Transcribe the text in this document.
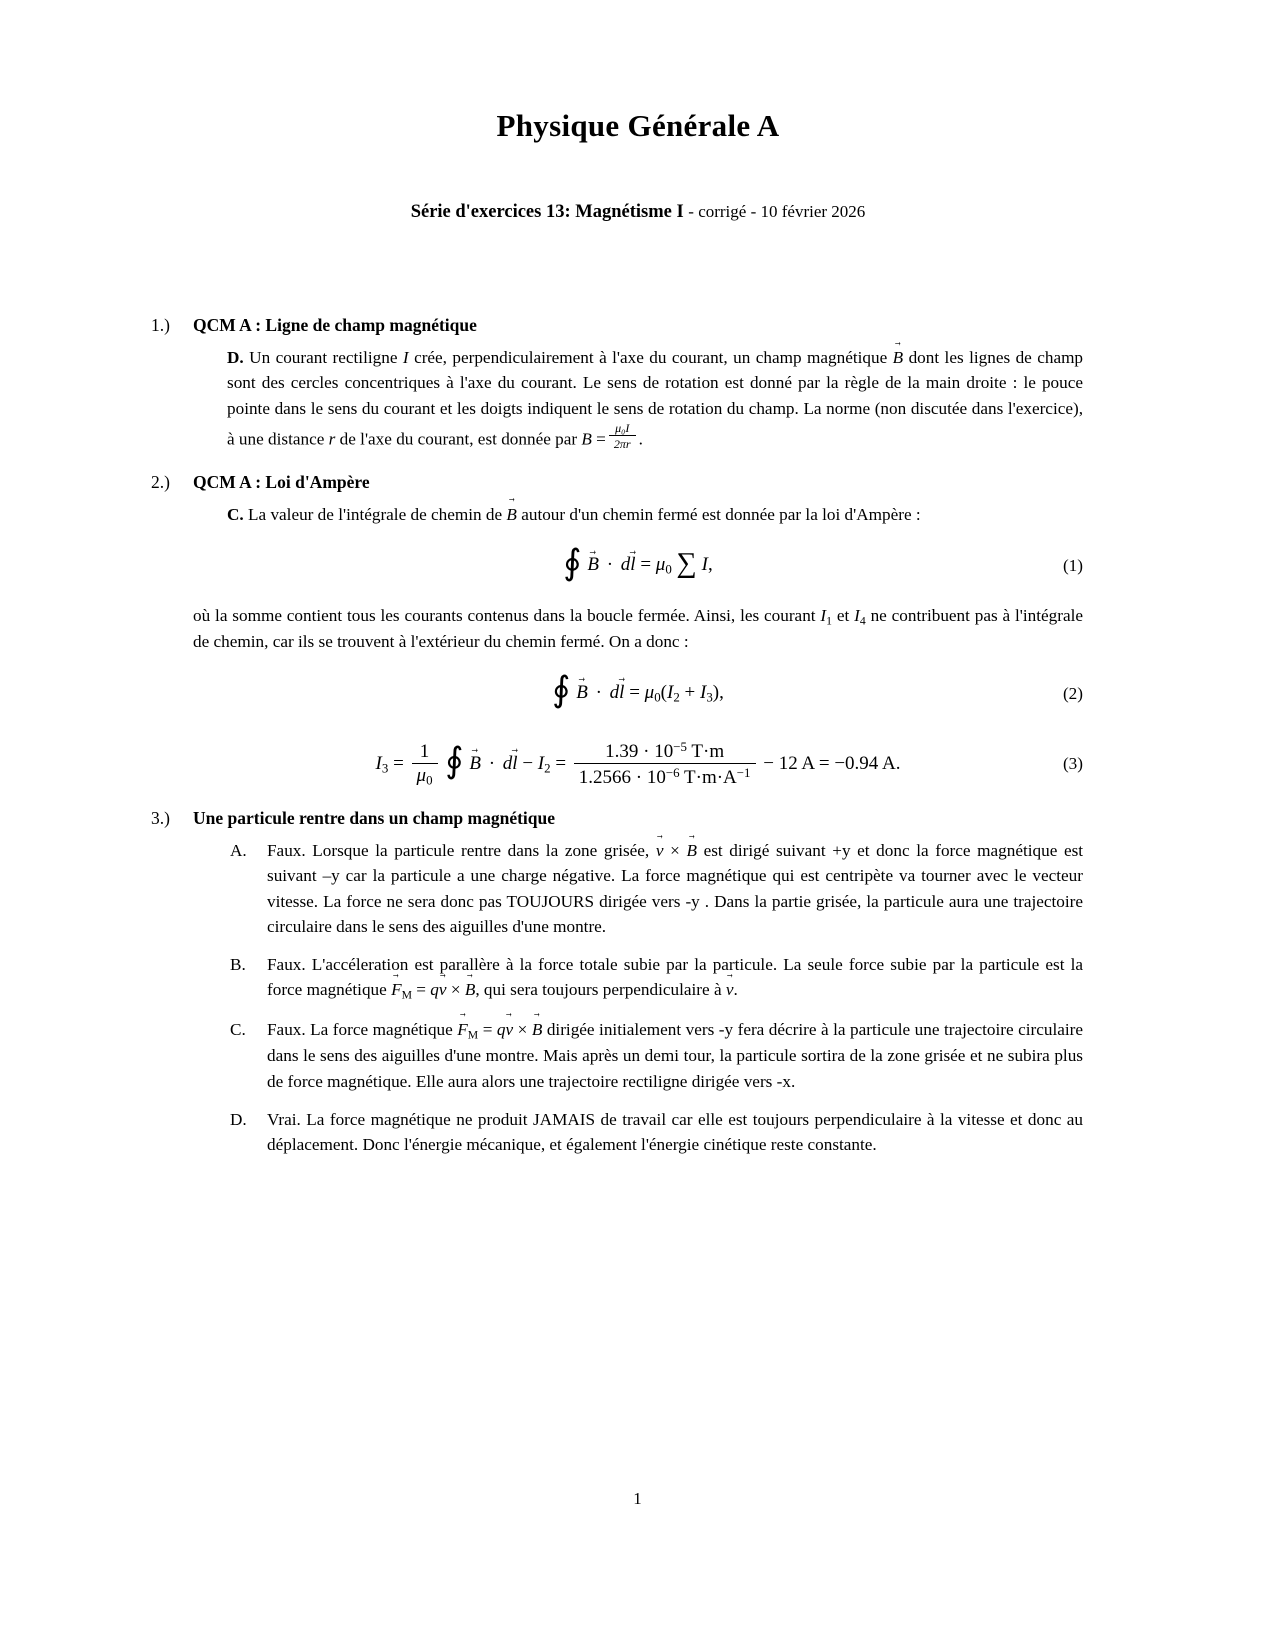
Physique Générale A
Série d'exercices 13: Magnétisme I - corrigé - 10 février 2026
1.)	QCM A : Ligne de champ magnétique

D. Un courant rectiligne I crée, perpendiculairement à l'axe du courant, un champ magnétique B → dont les lignes de champ sont des cercles concentriques à l'axe du courant. Le sens de rotation est donné par la règle de la main droite : le pouce pointe dans le sens du courant et les doigts indiquent le sens de rotation du champ. La norme (non discutée dans l'exercice), à une distance r de l'axe du courant, est donnée par $B = \frac{\text{μ₀I}}{2\pi r}$ .

2.)	QCM A : Loi d'Ampère

C. La valeur de l'intégrale de chemin de B → autour d'un chemin fermé est donnée par la loi d'Ampère :

∮ B → · dl → = $\mu_0$ ∑ I,	(1)

où la somme contient tous les courants contenus dans la boucle fermée. Ainsi, les courant $I_1$ et $I_4$ ne contribuent pas à l'intégrale de chemin, car ils se trouvent à l'extérieur du chemin fermé. On a donc :

∮ B → · dl → = $\mu_0(I_2 + I_3)$,	(2)
$I_3 = \frac{1}{\mu_0}$ ∮ B → · dl → − $I_2 = \frac{1.39 \cdot 10^{-5} T\cdot m}{1.2566 \cdot 10^{-6} T\cdot m\cdot A^{-1}} - 12$ A = −0.94 A.	(3)
3.)	Une particule rentre dans un champ magnétique
A.	Faux. Lorsque la particule rentre dans la zone grisée, v → × B → est dirigé suivant +y et donc la force magnétique est suivant –y car la particule a une charge négative. La force magnétique qui est centripète va tourner avec le vecteur vitesse. La force ne sera donc pas TOUJOURS dirigée vers -y . Dans la partie grisée, la particule aura une trajectoire circulaire dans le sens des aiguilles d'une montre.
B.	Faux. L'accéleration est parallère à la force totale subie par la particule. La seule force subie par la particule est la force magnétique $F \to_M$ = qv → × B →, qui sera toujours perpendiculaire à v →.
C.	Faux. La force magnétique $F \to_M$ = qv → × B → dirigée initialement vers -y fera décrire à la particule une trajectoire circulaire dans le sens des aiguilles d'une montre. Mais après un demi tour, la particule sortira de la zone grisée et ne subira plus de force magnétique. Elle aura alors une trajectoire rectiligne dirigée vers -x.
D.	Vrai. La force magnétique ne produit JAMAIS de travail car elle est toujours perpendiculaire à la vitesse et donc au déplacement. Donc l'énergie mécanique, et également l'énergie cinétique reste constante.
1
